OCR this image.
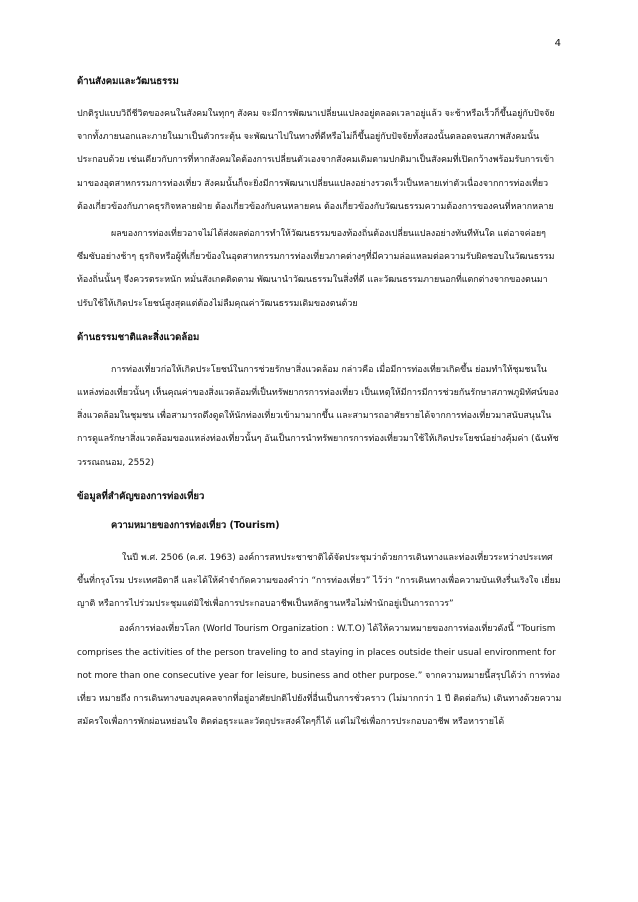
4
ด้านสังคมและวัฒนธรรม

ปกติรูปแบบวิถีชีวิตของคนในสังคมในทุกๆ สังคม จะมีการพัฒนาเปลี่ยนแปลงอยู่ตลอดเวลาอยู่แล้ว จะช้าหรือเร็วก็ขึ้นอยู่กับปัจจัยจากทั้งภายนอกและภายในมาเป็นตัวกระตุ้น จะพัฒนาไปในทางที่ดีหรือไม่ก็ขึ้นอยู่กับปัจจัยทั้งสองนั้นตลอดจนสภาพสังคมนั้นประกอบด้วย เช่นเดียวกับการที่หากสังคมใดต้องการเปลี่ยนตัวเองจากสังคมเดิมตามปกติมาเป็นสังคมที่เปิดกว้างพร้อมรับการเข้ามาของอุตสาหกรรมการท่องเที่ยว สังคมนั้นก็จะยิ่งมีการพัฒนาเปลี่ยนแปลงอย่างรวดเร็วเป็นหลายเท่าตัวเนื่องจากการท่องเที่ยวต้องเกี่ยวข้องกับภาคธุรกิจหลายฝ่าย ต้องเกี่ยวข้องกับคนหลายคน ต้องเกี่ยวข้องกับวัฒนธรรมความต้องการของคนที่หลากหลาย

ผลของการท่องเที่ยวอาจไม่ได้ส่งผลต่อการทำให้วัฒนธรรมของท้องถิ่นต้องเปลี่ยนแปลงอย่างทันทีทันใด แต่อาจค่อยๆ ซึมซับอย่างช้าๆ ธุรกิจหรือผู้ที่เกี่ยวข้องในอุตสาหกรรมการท่องเที่ยวภาคต่างๆที่มีความล่อแหลมต่อความรับผิดชอบในวัฒนธรรมท้องถิ่นนั้นๆ จึงควรตระหนัก หมั่นสังเกตติดตาม พัฒนานำวัฒนธรรมในสิ่งที่ดี และวัฒนธรรมภายนอกที่แตกต่างจากของตนมาปรับใช้ให้เกิดประโยชน์สูงสุดแต่ต้องไม่ลืมคุณค่าวัฒนธรรมเดิมของตนด้วย

ด้านธรรมชาติและสิ่งแวดล้อม

การท่องเที่ยวก่อให้เกิดประโยชน์ในการช่วยรักษาสิ่งแวดล้อม กล่าวคือ เมื่อมีการท่องเที่ยวเกิดขึ้น ย่อมทำให้ชุมชนในแหล่งท่องเที่ยวนั้นๆ เห็นคุณค่าของสิ่งแวดล้อมที่เป็นทรัพยากรการท่องเที่ยว เป็นเหตุให้มีการมีการช่วยกันรักษาสภาพภูมิทัศน์ของสิ่งแวดล้อมในชุมชน เพื่อสามารถดึงดูดให้นักท่องเที่ยวเข้ามามากขึ้น และสามารถอาศัยรายได้จากการท่องเที่ยวมาสนับสนุนในการดูแลรักษาสิ่งแวดล้อมของแหล่งท่องเที่ยวนั้นๆ อันเป็นการนำทรัพยากรการท่องเที่ยวมาใช้ให้เกิดประโยชน์อย่างคุ้มค่า (ฉันทัช วรรณถนอม, 2552)

ข้อมูลที่สำคัญของการท่องเที่ยว
ความหมายของการท่องเที่ยว (Tourism)

ในปี พ.ศ. 2506 (ค.ศ. 1963) องค์การสหประชาชาติได้จัดประชุมว่าด้วยการเดินทางและท่องเที่ยวระหว่างประเทศขึ้นที่กรุงโรม ประเทศอิตาลี และได้ให้คำจำกัดความของคำว่า “การท่องเที่ยว” ไว้ว่า “การเดินทางเพื่อความบันเทิงรื่นเริงใจ เยี่ยมญาติ หรือการไปร่วมประชุมแต่มิใช่เพื่อการประกอบอาชีพเป็นหลักฐานหรือไม่พำนักอยู่เป็นการถาวร”

องค์การท่องเที่ยวโลก (World Tourism Organization : W.T.O) ได้ให้ความหมายของการท่องเที่ยวดังนี้ “Tourism comprises the activities of the person traveling to and staying in places outside their usual environment for not more than one consecutive year for leisure, business and other purpose.” จากความหมายนี้สรุปได้ว่า การท่องเที่ยว หมายถึง การเดินทางของบุคคลจากที่อยู่อาศัยปกติไปยังที่อื่นเป็นการชั่วคราว (ไม่มากกว่า 1 ปี ติดต่อกัน) เดินทางด้วยความสมัครใจเพื่อการพักผ่อนหย่อนใจ ติดต่อธุระและวัตถุประสงค์ใดๆก็ได้ แต่ไม่ใช่เพื่อการประกอบอาชีพ หรือหารายได้
